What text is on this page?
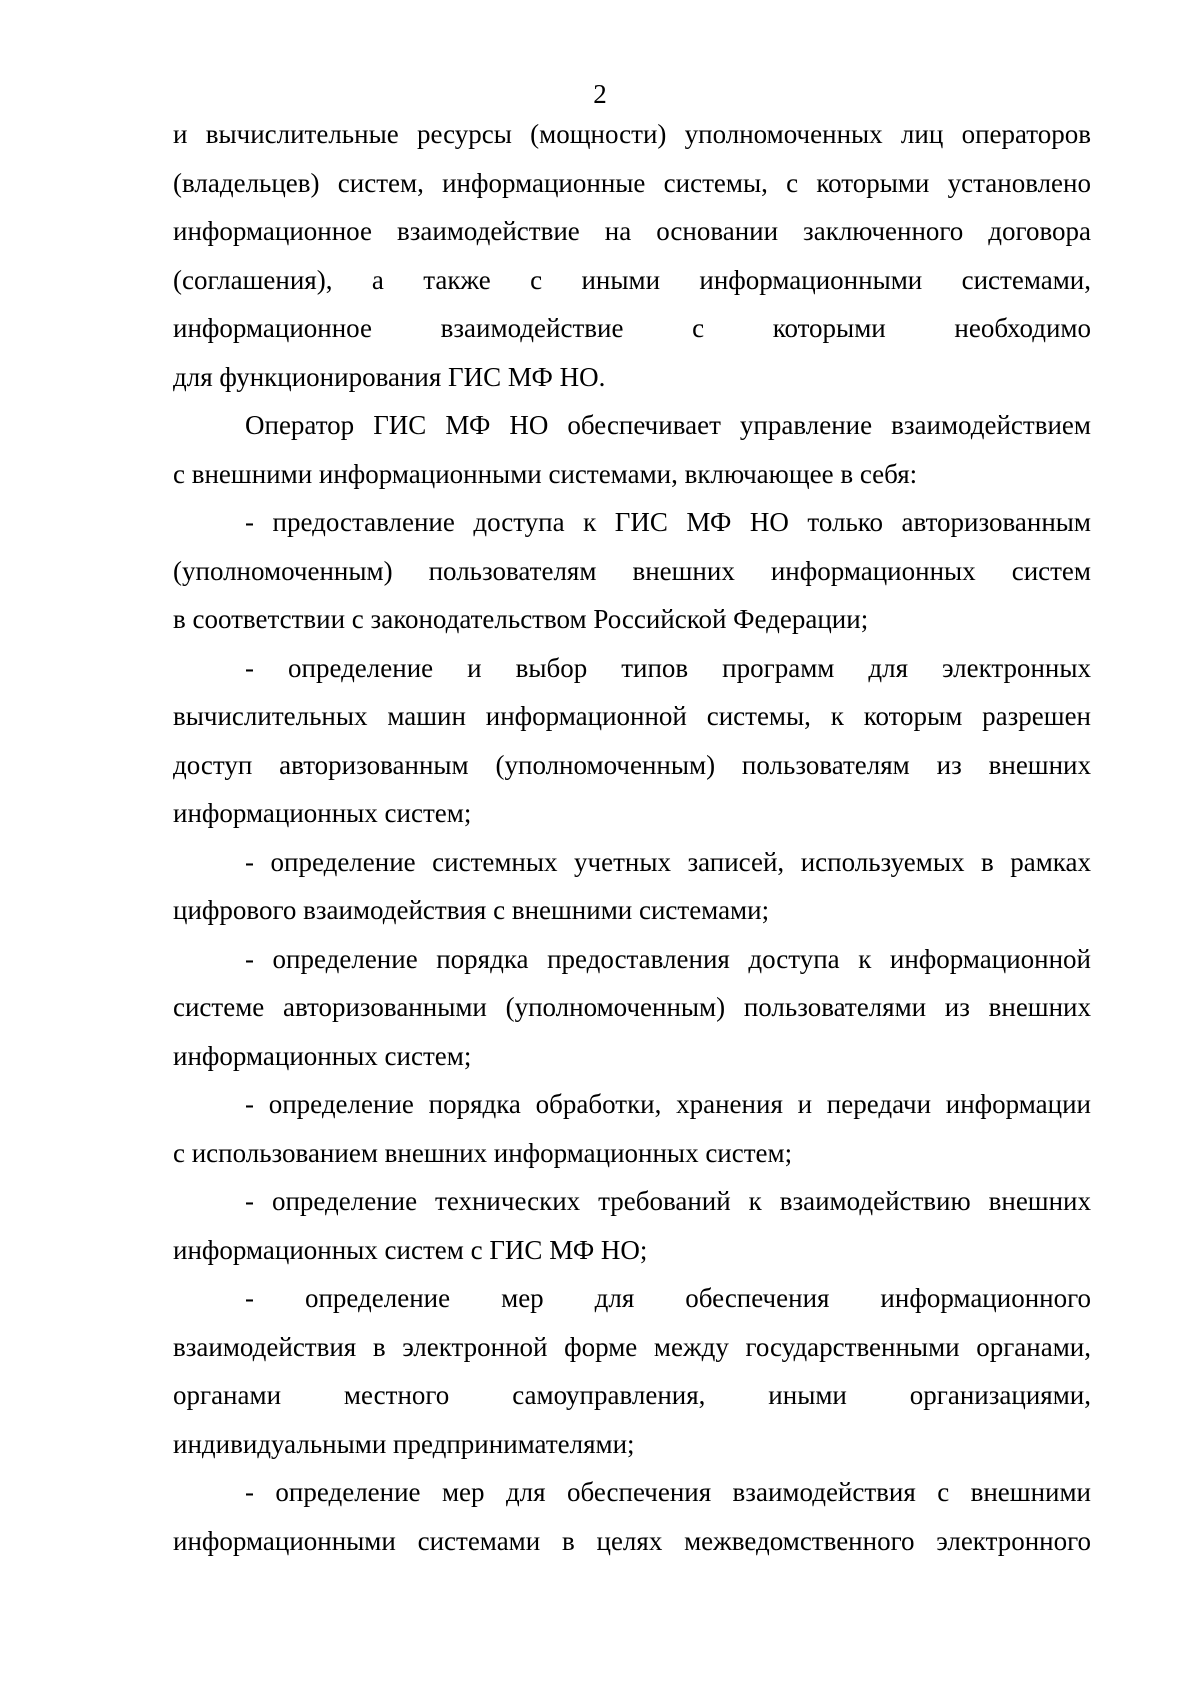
2
и вычислительные ресурсы (мощности) уполномоченных лиц операторов
(владельцев) систем, информационные системы, с которыми установлено
информационное взаимодействие на основании заключенного договора
(соглашения), а также с иными информационными системами,
информационное взаимодействие с которыми необходимо
для функционирования ГИС МФ НО.
Оператор ГИС МФ НО обеспечивает управление взаимодействием
с внешними информационными системами, включающее в себя:
- предоставление доступа к ГИС МФ НО только авторизованным
(уполномоченным) пользователям внешних информационных систем
в соответствии с законодательством Российской Федерации;
- определение и выбор типов программ для электронных
вычислительных машин информационной системы, к которым разрешен
доступ авторизованным (уполномоченным) пользователям из внешних
информационных систем;
- определение системных учетных записей, используемых в рамках
цифрового взаимодействия с внешними системами;
- определение порядка предоставления доступа к информационной
системе авторизованными (уполномоченным) пользователями из внешних
информационных систем;
- определение порядка обработки, хранения и передачи информации
с использованием внешних информационных систем;
- определение технических требований к взаимодействию внешних
информационных систем с ГИС МФ НО;
- определение мер для обеспечения информационного
взаимодействия в электронной форме между государственными органами,
органами местного самоуправления, иными организациями,
индивидуальными предпринимателями;
- определение мер для обеспечения взаимодействия с внешними
информационными системами в целях межведомственного электронного
